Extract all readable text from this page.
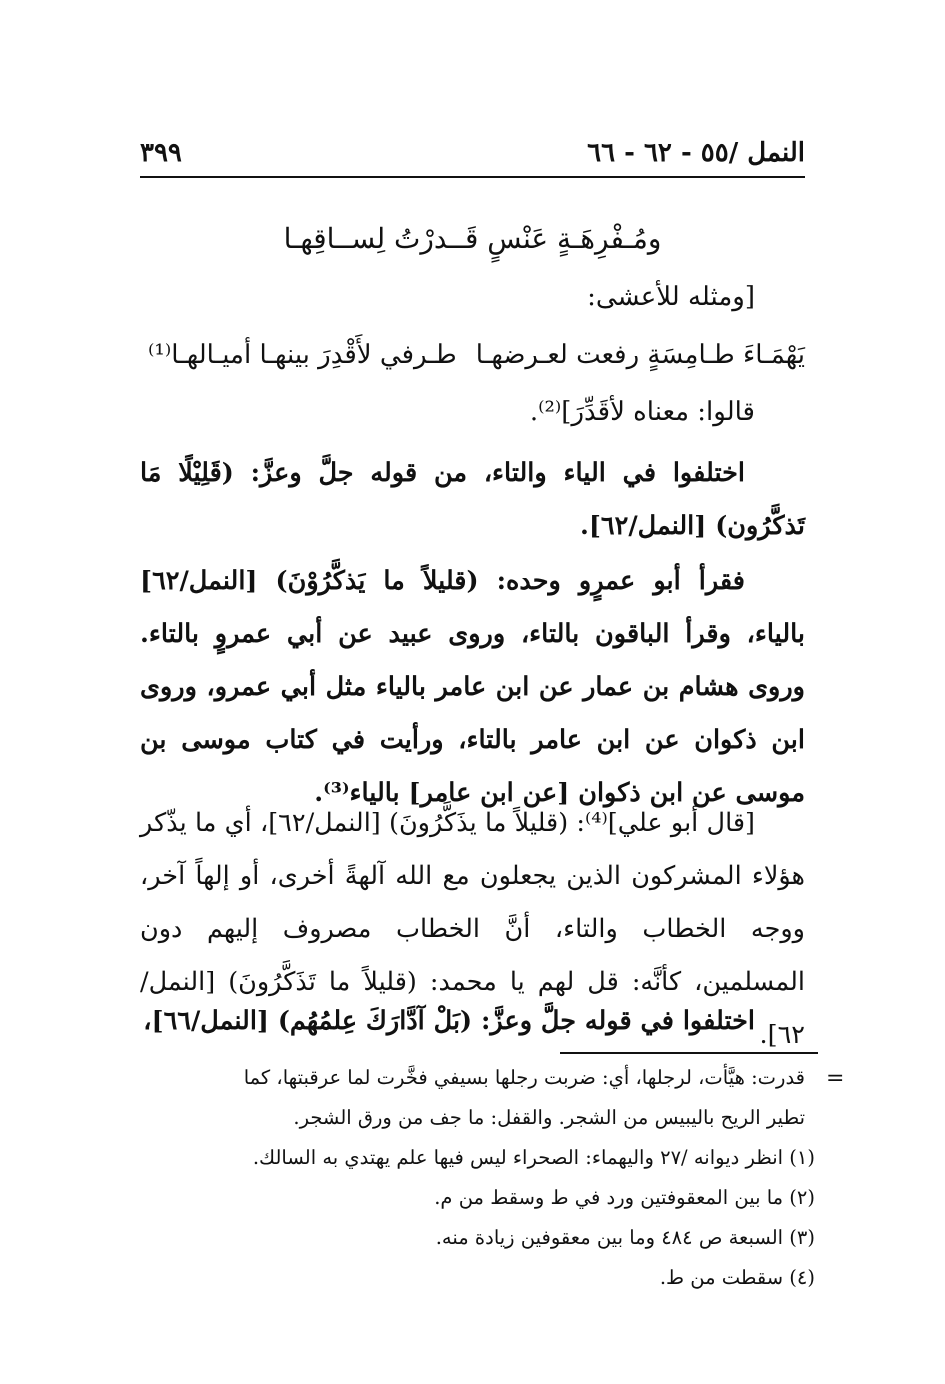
النمل /٥٥ - ٦٢ - ٦٦
٣٩٩
ومُـفْرِهَـةٍ عَنْسٍ قَــدرْتُ لِســاقِهـا
[ومثله للأعشى:
يَهْمَـاءَ طـامِسَةٍ رفعت لعـرضهـا
طـرفي لأَقْدِرَ بينهـا أميـالهـا⁽¹⁾
قالوا: معناه لأقَدِّرَ]⁽²⁾.
اختلفوا في الياء والتاء، من قوله جلَّ وعزَّ: (قَلِيْلًا مَا تَذكَّرُون) [النمل/٦٢].
فقرأ أبو عمرٍو وحده: (قليلاً ما يَذكَّرُوْنَ) [النمل/٦٢] بالياء، وقرأ الباقون بالتاء، وروى عبيد عن أبي عمروٍ بالتاء. وروى هشام بن عمار عن ابن عامر بالياء مثل أبي عمرو، وروى ابن ذكوان عن ابن عامر بالتاء، ورأيت في كتاب موسى بن موسى عن ابن ذكوان [عن ابن عامر] بالياء⁽³⁾.
[قال أبو علي]⁽⁴⁾: (قليلاً ما يذَكَّرُونَ) [النمل/٦٢]، أي ما يذّكر هؤلاء المشركون الذين يجعلون مع الله آلهةً أخرى، أو إلهاً آخر، ووجه الخطاب والتاء، أنَّ الخطاب مصروف إليهم دون المسلمين، كأنَّه: قل لهم يا محمد: (قليلاً ما تَذَكَّرُونَ) [النمل/٦٢].
اختلفوا في قوله جلَّ وعزَّ: (بَلْ آدَّارَكَ عِلمُهُم) [النمل/٦٦]،
=
قدرت: هيَّأت، لرجلها، أي: ضربت رجلها بسيفي فخَّرت لما عرقبتها، كما
تطير الريح باليبيس من الشجر. والقفل: ما جف من ورق الشجر.
(١) انظر ديوانه /٢٧ واليهماء: الصحراء ليس فيها علم يهتدي به السالك.
(٢) ما بين المعقوفتين ورد في ط وسقط من م.
(٣) السبعة ص ٤٨٤ وما بين معقوفين زيادة منه.
(٤) سقطت من ط.
